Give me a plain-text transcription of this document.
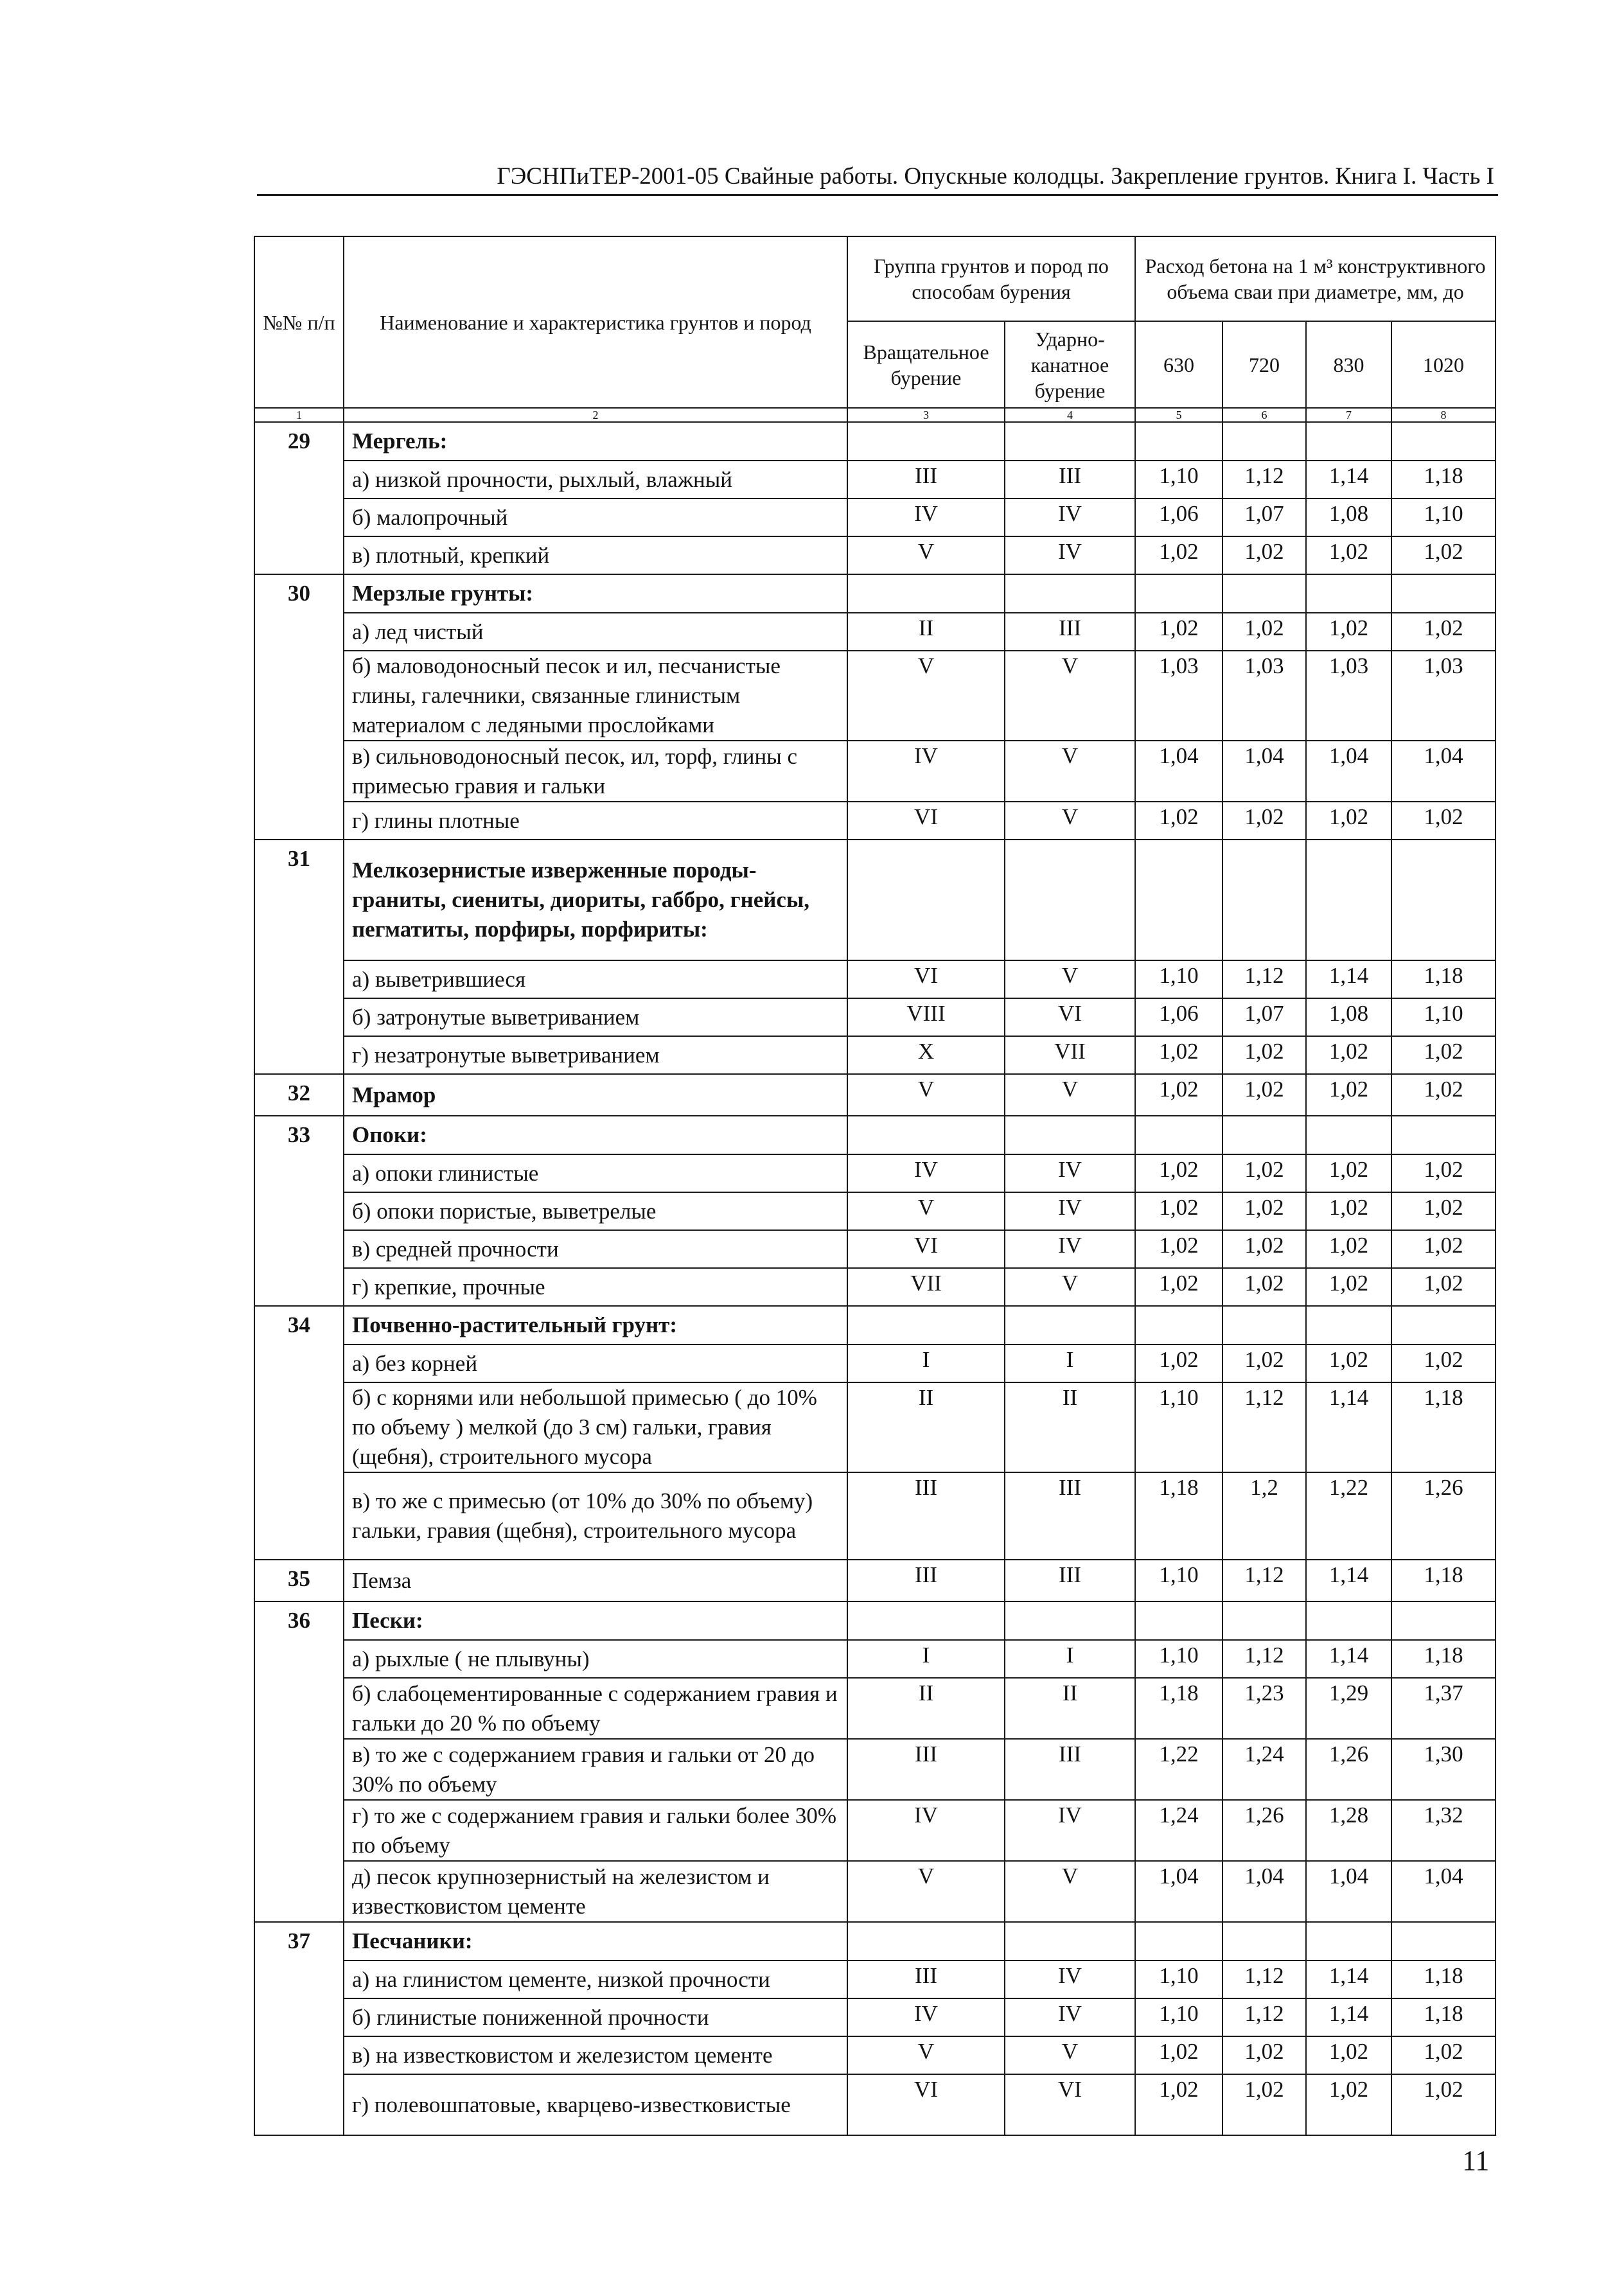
ГЭСНПиТЕР-2001-05 Свайные работы. Опускные колодцы. Закрепление грунтов. Книга I. Часть I
№№ п/п	Наименование и характеристика грунтов и пород	Группа грунтов и пород по способам бурения		Расход бетона на 1 м³ конструктивного объема сваи при диаметре, мм, до			
		Вращательное бурение	Ударно-канатное бурение	630	720	830	1020
1	2	3	4	5	6	7	8
29	Мергель:						
	а) низкой прочности, рыхлый, влажный	III	III	1,10	1,12	1,14	1,18
	б) малопрочный	IV	IV	1,06	1,07	1,08	1,10
	в) плотный, крепкий	V	IV	1,02	1,02	1,02	1,02
30	Мерзлые грунты:						
	а) лед чистый	II	III	1,02	1,02	1,02	1,02
	б) маловодоносный песок и ил, песчанистые глины, галечники, связанные глинистым материалом с ледяными прослойками	V	V	1,03	1,03	1,03	1,03
	в) сильноводоносный песок, ил, торф, глины с примесью гравия и гальки	IV	V	1,04	1,04	1,04	1,04
	г) глины плотные	VI	V	1,02	1,02	1,02	1,02
31	Мелкозернистые изверженные породы-граниты, сиениты, диориты, габбро, гнейсы, пегматиты, порфиры, порфириты:						
	а) выветрившиеся	VI	V	1,10	1,12	1,14	1,18
	б) затронутые выветриванием	VIII	VI	1,06	1,07	1,08	1,10
	г) незатронутые выветриванием	X	VII	1,02	1,02	1,02	1,02
32	Мрамор	V	V	1,02	1,02	1,02	1,02
33	Опоки:						
	а) опоки глинистые	IV	IV	1,02	1,02	1,02	1,02
	б) опоки пористые, выветрелые	V	IV	1,02	1,02	1,02	1,02
	в) средней прочности	VI	IV	1,02	1,02	1,02	1,02
	г) крепкие, прочные	VII	V	1,02	1,02	1,02	1,02
34	Почвенно-растительный грунт:						
	а) без корней	I	I	1,02	1,02	1,02	1,02
	б) с корнями или небольшой примесью ( до 10% по объему ) мелкой (до 3 см) гальки, гравия (щебня), строительного мусора	II	II	1,10	1,12	1,14	1,18
	в) то же с примесью (от 10% до 30% по объему) гальки, гравия (щебня), строительного мусора	III	III	1,18	1,2	1,22	1,26
35	Пемза	III	III	1,10	1,12	1,14	1,18
36	Пески:						
	а) рыхлые ( не плывуны)	I	I	1,10	1,12	1,14	1,18
	б) слабоцементированные с содержанием гравия и гальки до 20 % по объему	II	II	1,18	1,23	1,29	1,37
	в) то же с содержанием гравия и гальки от 20 до 30% по объему	III	III	1,22	1,24	1,26	1,30
	г) то же с содержанием гравия и гальки более 30% по объему	IV	IV	1,24	1,26	1,28	1,32
	д) песок крупнозернистый на железистом и известковистом цементе	V	V	1,04	1,04	1,04	1,04
37	Песчаники:						
	а) на глинистом цементе, низкой прочности	III	IV	1,10	1,12	1,14	1,18
	б) глинистые пониженной прочности	IV	IV	1,10	1,12	1,14	1,18
	в) на известковистом и железистом цементе	V	V	1,02	1,02	1,02	1,02
	г) полевошпатовые, кварцево-известковистые	VI	VI	1,02	1,02	1,02	1,02
11
